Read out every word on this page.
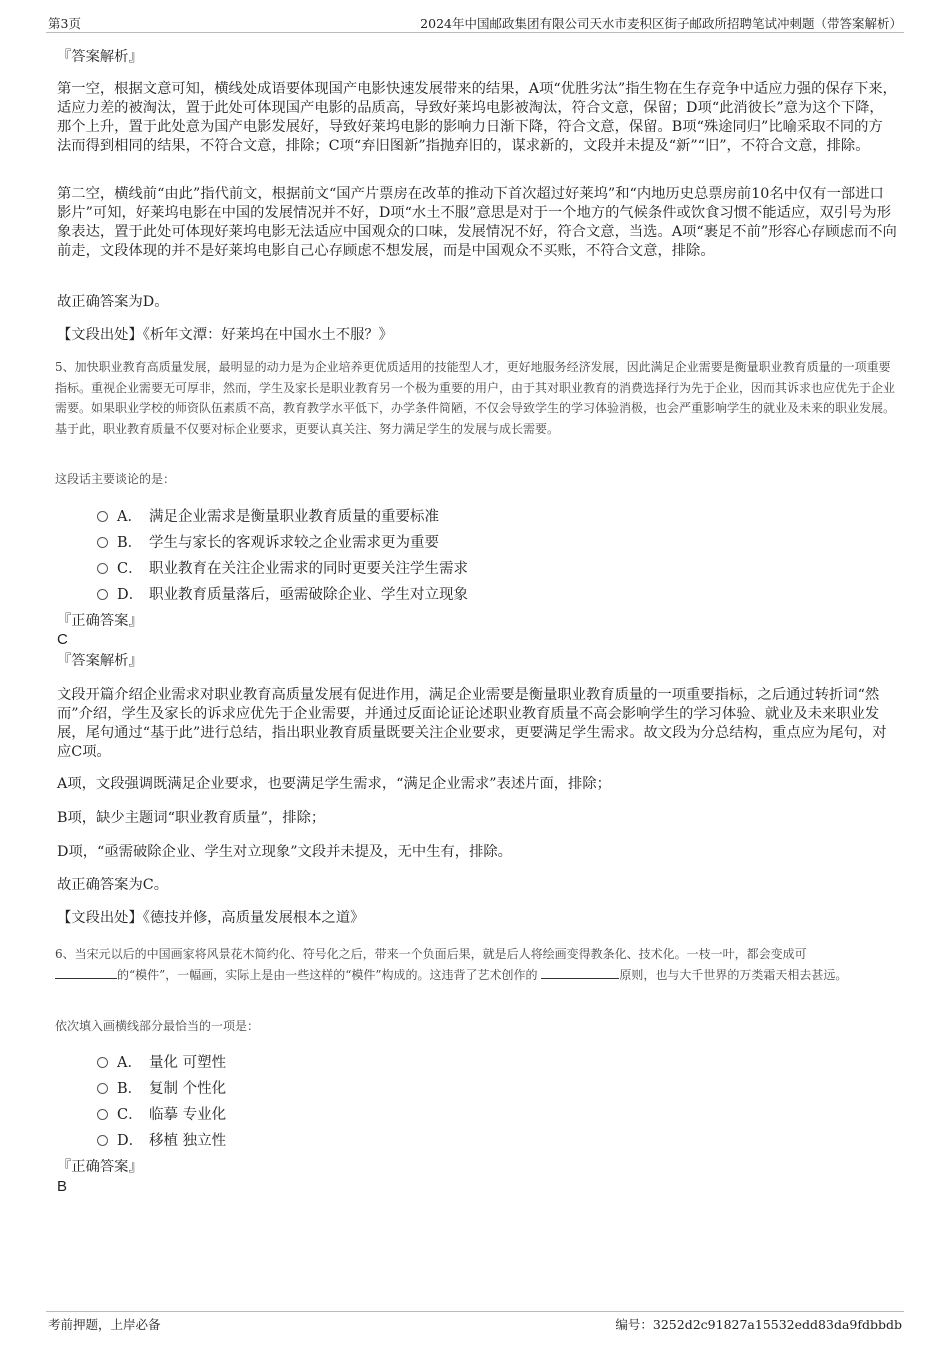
第3页	2024年中国邮政集团有限公司天水市麦积区街子邮政所招聘笔试冲刺题（带答案解析）
『答案解析』
第一空，根据文意可知，横线处成语要体现国产电影快速发展带来的结果，A项“优胜劣汰”指生物在生存竞争中适应力强的保存下来，适应力差的被淘汰，置于此处可体现国产电影的品质高，导致好莱坞电影被淘汰，符合文意，保留；D项“此消彼长”意为这个下降，那个上升，置于此处意为国产电影发展好，导致好莱坞电影的影响力日渐下降，符合文意，保留。B项“殊途同归”比喻采取不同的方法而得到相同的结果，不符合文意，排除；C项“弃旧图新”指抛弃旧的，谋求新的，文段并未提及“新”“旧”，不符合文意，排除。
第二空，横线前“由此”指代前文，根据前文“国产片票房在改革的推动下首次超过好莱坞”和“内地历史总票房前10名中仅有一部进口影片”可知，好莱坞电影在中国的发展情况并不好，D项“水土不服”意思是对于一个地方的气候条件或饮食习惯不能适应，双引号为形象表达，置于此处可体现好莱坞电影无法适应中国观众的口味，发展情况不好，符合文意，当选。A项“裹足不前”形容心存顾虑而不向前走，文段体现的并不是好莱坞电影自己心存顾虑不想发展，而是中国观众不买账，不符合文意，排除。
故正确答案为D。
【文段出处】《析年文潭：好莱坞在中国水土不服？》
5、加快职业教育高质量发展，最明显的动力是为企业培养更优质适用的技能型人才，更好地服务经济发展，因此满足企业需要是衡量职业教育质量的一项重要指标。重视企业需要无可厚非，然而，学生及家长是职业教育另一个极为重要的用户，由于其对职业教育的消费选择行为先于企业，因而其诉求也应优先于企业需要。如果职业学校的师资队伍素质不高，教育教学水平低下，办学条件简陋，不仅会导致学生的学习体验消极，也会严重影响学生的就业及未来的职业发展。基于此，职业教育质量不仅要对标企业要求，更要认真关注、努力满足学生的发展与成长需要。
这段话主要谈论的是：
A． 满足企业需求是衡量职业教育质量的重要标准
B． 学生与家长的客观诉求较之企业需求更为重要
C． 职业教育在关注企业需求的同时更要关注学生需求
D． 职业教育质量落后，亟需破除企业、学生对立现象
『正确答案』
C
『答案解析』
文段开篇介绍企业需求对职业教育高质量发展有促进作用，满足企业需要是衡量职业教育质量的一项重要指标，之后通过转折词“然而”介绍，学生及家长的诉求应优先于企业需要，并通过反面论证论述职业教育质量不高会影响学生的学习体验、就业及未来职业发展，尾句通过“基于此”进行总结，指出职业教育质量既要关注企业要求，更要满足学生需求。故文段为分总结构，重点应为尾句，对应C项。
A项，文段强调既满足企业要求，也要满足学生需求，“满足企业需求”表述片面，排除；
B项，缺少主题词“职业教育质量”，排除；
D项，“亟需破除企业、学生对立现象”文段并未提及，无中生有，排除。
故正确答案为C。
【文段出处】《德技并修，高质量发展根本之道》
6、当宋元以后的中国画家将风景花木简约化、符号化之后，带来一个负面后果，就是后人将绘画变得教条化、技术化。一枝一叶，都会变成可
的“模件”，一幅画，实际上是由一些这样的“模件”构成的。这违背了艺术创作的	原则，也与大千世界的万类霜天相去甚远。
依次填入画横线部分最恰当的一项是：
A． 量化 可塑性
B． 复制 个性化
C． 临摹 专业化
D． 移植 独立性
『正确答案』
B
考前押题，上岸必备	编号：3252d2c91827a15532edd83da9fdbbdb
